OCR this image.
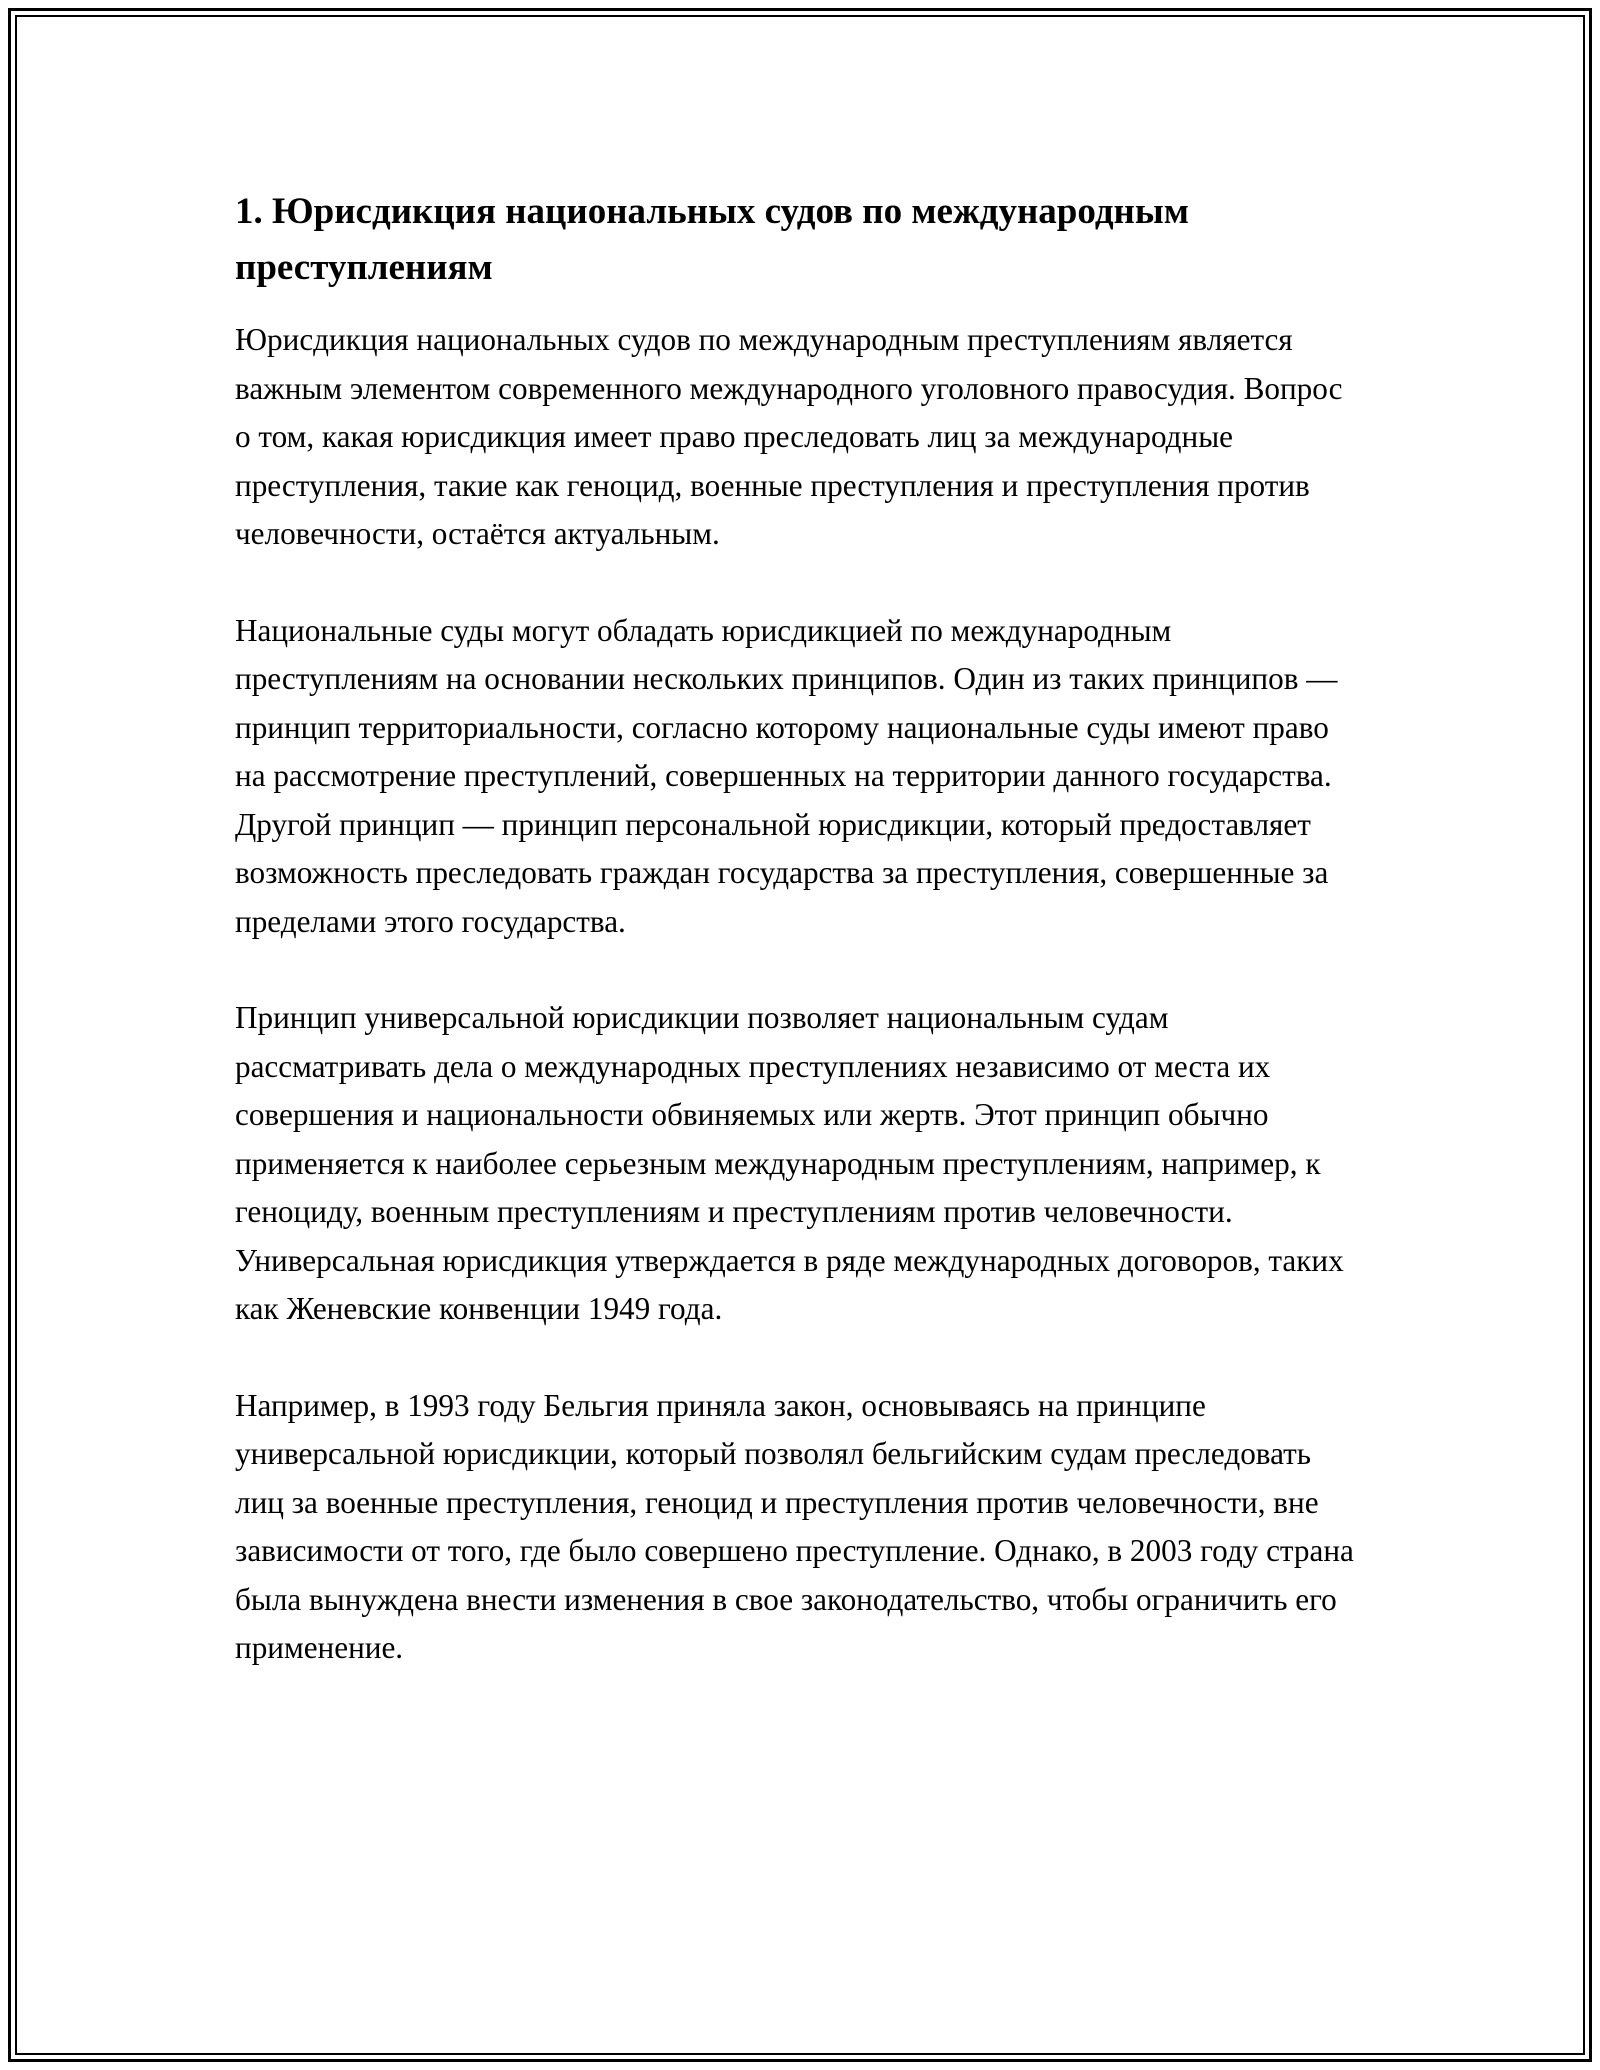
1. Юрисдикция национальных судов по международным преступлениям

Юрисдикция национальных судов по международным преступлениям является важным элементом современного международного уголовного правосудия. Вопрос о том, какая юрисдикция имеет право преследовать лиц за международные преступления, такие как геноцид, военные преступления и преступления против человечности, остаётся актуальным.

Национальные суды могут обладать юрисдикцией по международным преступлениям на основании нескольких принципов. Один из таких принципов — принцип территориальности, согласно которому национальные суды имеют право на рассмотрение преступлений, совершенных на территории данного государства. Другой принцип — принцип персональной юрисдикции, который предоставляет возможность преследовать граждан государства за преступления, совершенные за пределами этого государства.

Принцип универсальной юрисдикции позволяет национальным судам рассматривать дела о международных преступлениях независимо от места их совершения и национальности обвиняемых или жертв. Этот принцип обычно применяется к наиболее серьезным международным преступлениям, например, к геноциду, военным преступлениям и преступлениям против человечности. Универсальная юрисдикция утверждается в ряде международных договоров, таких как Женевские конвенции 1949 года.

Например, в 1993 году Бельгия приняла закон, основываясь на принципе универсальной юрисдикции, который позволял бельгийским судам преследовать лиц за военные преступления, геноцид и преступления против человечности, вне зависимости от того, где было совершено преступление. Однако, в 2003 году страна была вынуждена внести изменения в свое законодательство, чтобы ограничить его применение.
